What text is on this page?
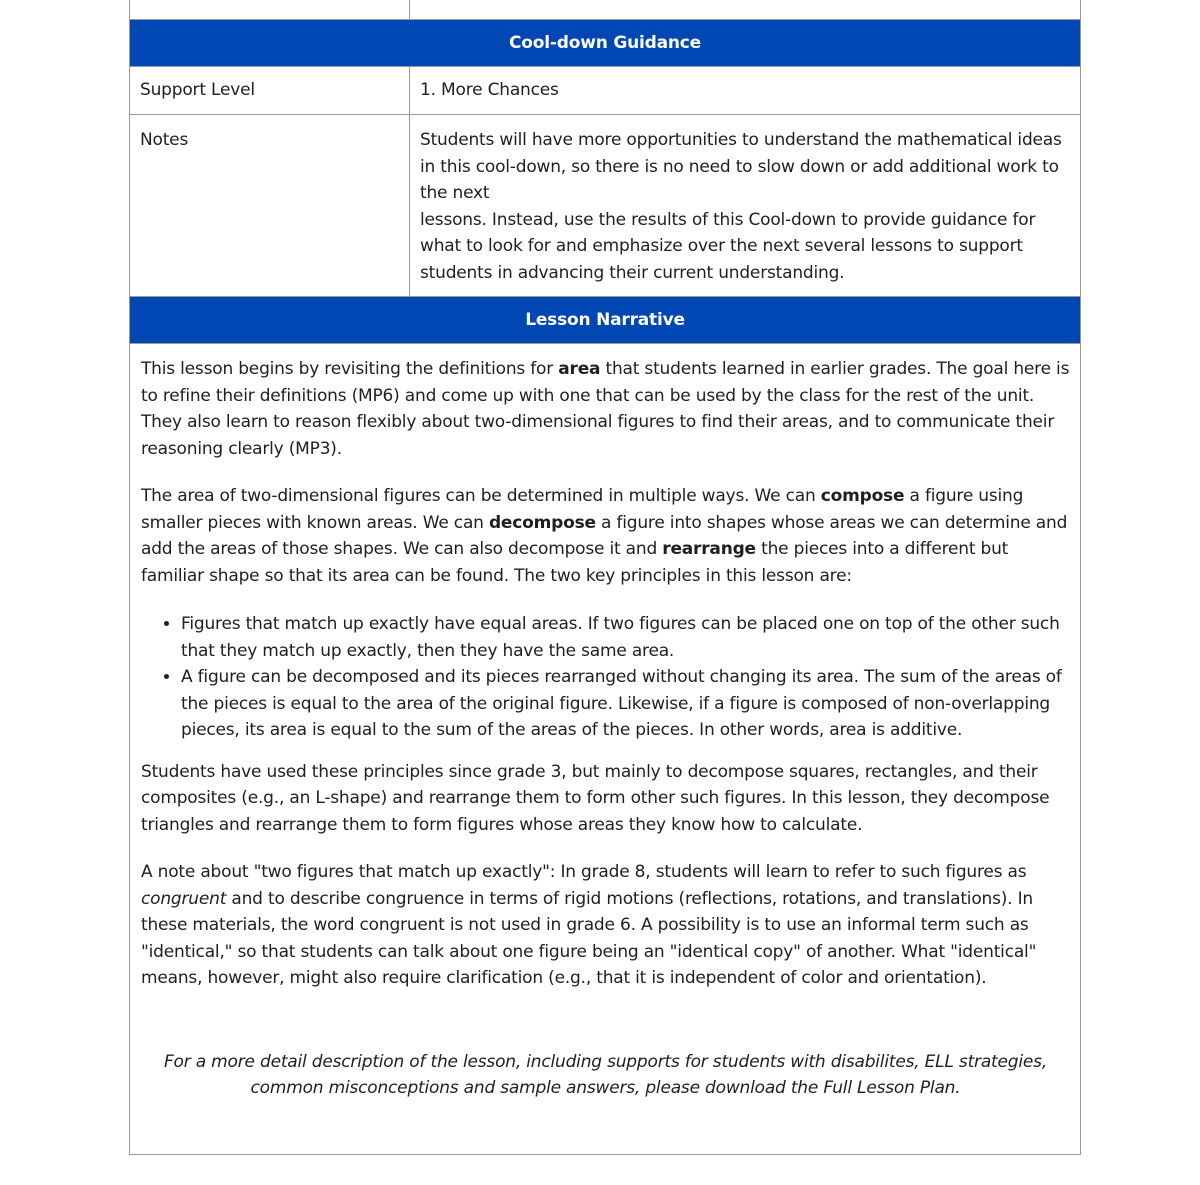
Cool-down Guidance	
Support Level	1. More Chances
Notes	Students will have more opportunities to understand the mathematical ideas in this cool-down, so there is no need to slow down or add additional work to the next
lessons. Instead, use the results of this Cool-down to provide guidance for what to look for and emphasize over the next several lessons to support students in advancing their current understanding.

Lesson Narrative	

This lesson begins by revisiting the definitions for area that students learned in earlier grades. The goal here is to refine their definitions (MP6) and come up with one that can be used by the class for the rest of the unit. They also learn to reason flexibly about two-dimensional figures to find their areas, and to communicate their reasoning clearly (MP3).

The area of two-dimensional figures can be determined in multiple ways. We can compose a figure using smaller pieces with known areas. We can decompose a figure into shapes whose areas we can determine and add the areas of those shapes. We can also decompose it and rearrange the pieces into a different but familiar shape so that its area can be found. The two key principles in this lesson are:

• Figures that match up exactly have equal areas. If two figures can be placed one on top of the other such that they match up exactly, then they have the same area.
• A figure can be decomposed and its pieces rearranged without changing its area. The sum of the areas of the pieces is equal to the area of the original figure. Likewise, if a figure is composed of non-overlapping pieces, its area is equal to the sum of the areas of the pieces. In other words, area is additive.

Students have used these principles since grade 3, but mainly to decompose squares, rectangles, and their composites (e.g., an L-shape) and rearrange them to form other such figures. In this lesson, they decompose triangles and rearrange them to form figures whose areas they know how to calculate.

A note about "two figures that match up exactly": In grade 8, students will learn to refer to such figures as congruent and to describe congruence in terms of rigid motions (reflections, rotations, and translations). In these materials, the word congruent is not used in grade 6. A possibility is to use an informal term such as "identical," so that students can talk about one figure being an "identical copy" of another. What "identical" means, however, might also require clarification (e.g., that it is independent of color and orientation).

For a more detail description of the lesson, including supports for students with disabilites, ELL strategies, common misconceptions and sample answers, please download the Full Lesson Plan.
